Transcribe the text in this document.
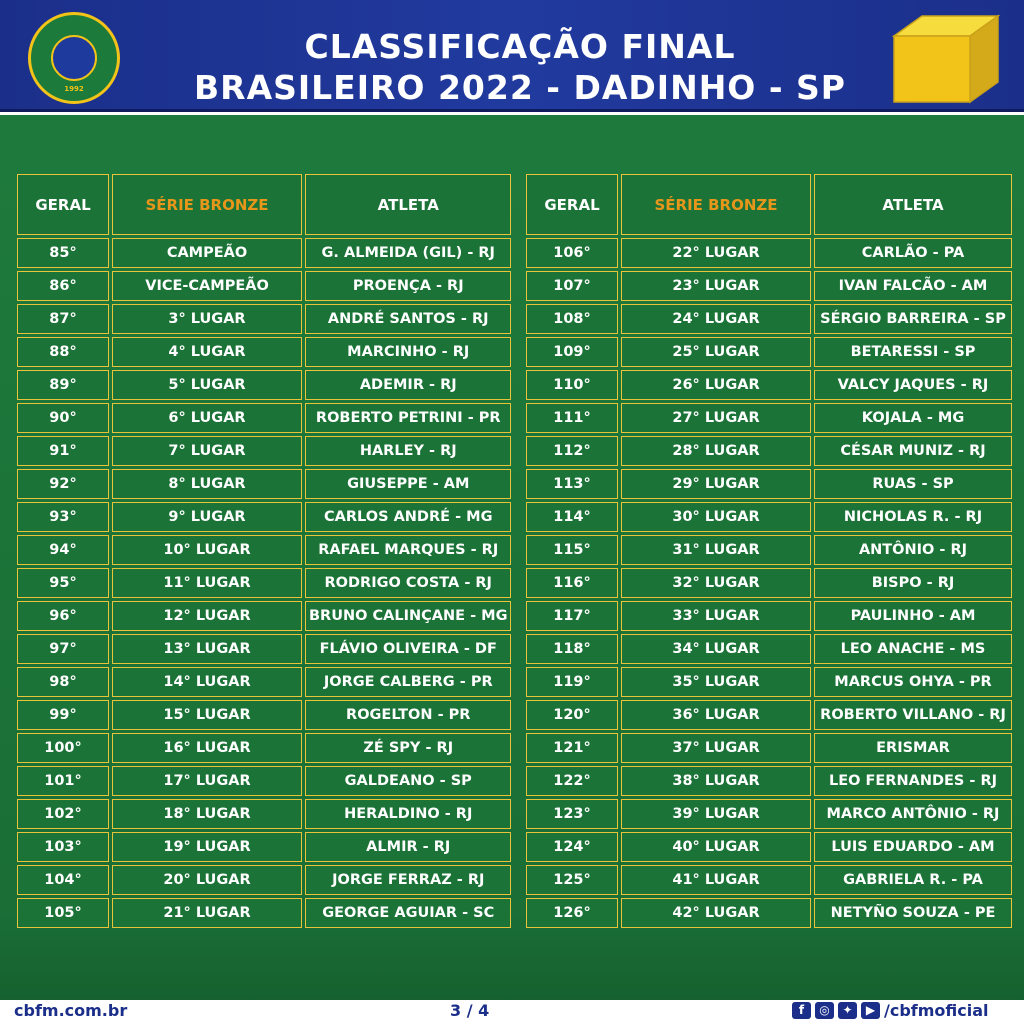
1992
CLASSIFICAÇÃO FINAL
BRASILEIRO 2022 - DADINHO - SP
GERAL	SÉRIE BRONZE	ATLETA
85°	CAMPEÃO	G. ALMEIDA (GIL) - RJ
86°	VICE-CAMPEÃO	PROENÇA - RJ
87°	3° LUGAR	ANDRÉ SANTOS - RJ
88°	4° LUGAR	MARCINHO - RJ
89°	5° LUGAR	ADEMIR - RJ
90°	6° LUGAR	ROBERTO PETRINI - PR
91°	7° LUGAR	HARLEY - RJ
92°	8° LUGAR	GIUSEPPE - AM
93°	9° LUGAR	CARLOS ANDRÉ - MG
94°	10° LUGAR	RAFAEL MARQUES - RJ
95°	11° LUGAR	RODRIGO COSTA - RJ
96°	12° LUGAR	BRUNO CALINÇANE - MG
97°	13° LUGAR	FLÁVIO OLIVEIRA - DF
98°	14° LUGAR	JORGE CALBERG - PR
99°	15° LUGAR	ROGELTON - PR
100°	16° LUGAR	ZÉ SPY - RJ
101°	17° LUGAR	GALDEANO - SP
102°	18° LUGAR	HERALDINO - RJ
103°	19° LUGAR	ALMIR - RJ
104°	20° LUGAR	JORGE FERRAZ - RJ
105°	21° LUGAR	GEORGE AGUIAR - SC
GERAL	SÉRIE BRONZE	ATLETA
106°	22° LUGAR	CARLÃO - PA
107°	23° LUGAR	IVAN FALCÃO - AM
108°	24° LUGAR	SÉRGIO BARREIRA - SP
109°	25° LUGAR	BETARESSI - SP
110°	26° LUGAR	VALCY JAQUES - RJ
111°	27° LUGAR	KOJALA - MG
112°	28° LUGAR	CÉSAR MUNIZ - RJ
113°	29° LUGAR	RUAS - SP
114°	30° LUGAR	NICHOLAS R. - RJ
115°	31° LUGAR	ANTÔNIO - RJ
116°	32° LUGAR	BISPO - RJ
117°	33° LUGAR	PAULINHO - AM
118°	34° LUGAR	LEO ANACHE - MS
119°	35° LUGAR	MARCUS OHYA - PR
120°	36° LUGAR	ROBERTO VILLANO - RJ
121°	37° LUGAR	ERISMAR
122°	38° LUGAR	LEO FERNANDES - RJ
123°	39° LUGAR	MARCO ANTÔNIO - RJ
124°	40° LUGAR	LUIS EDUARDO - AM
125°	41° LUGAR	GABRIELA R. - PA
126°	42° LUGAR	NETYÑO SOUZA - PE
cbfm.com.br	3 / 4	f	◎	✦	▶ /cbfmoficial
